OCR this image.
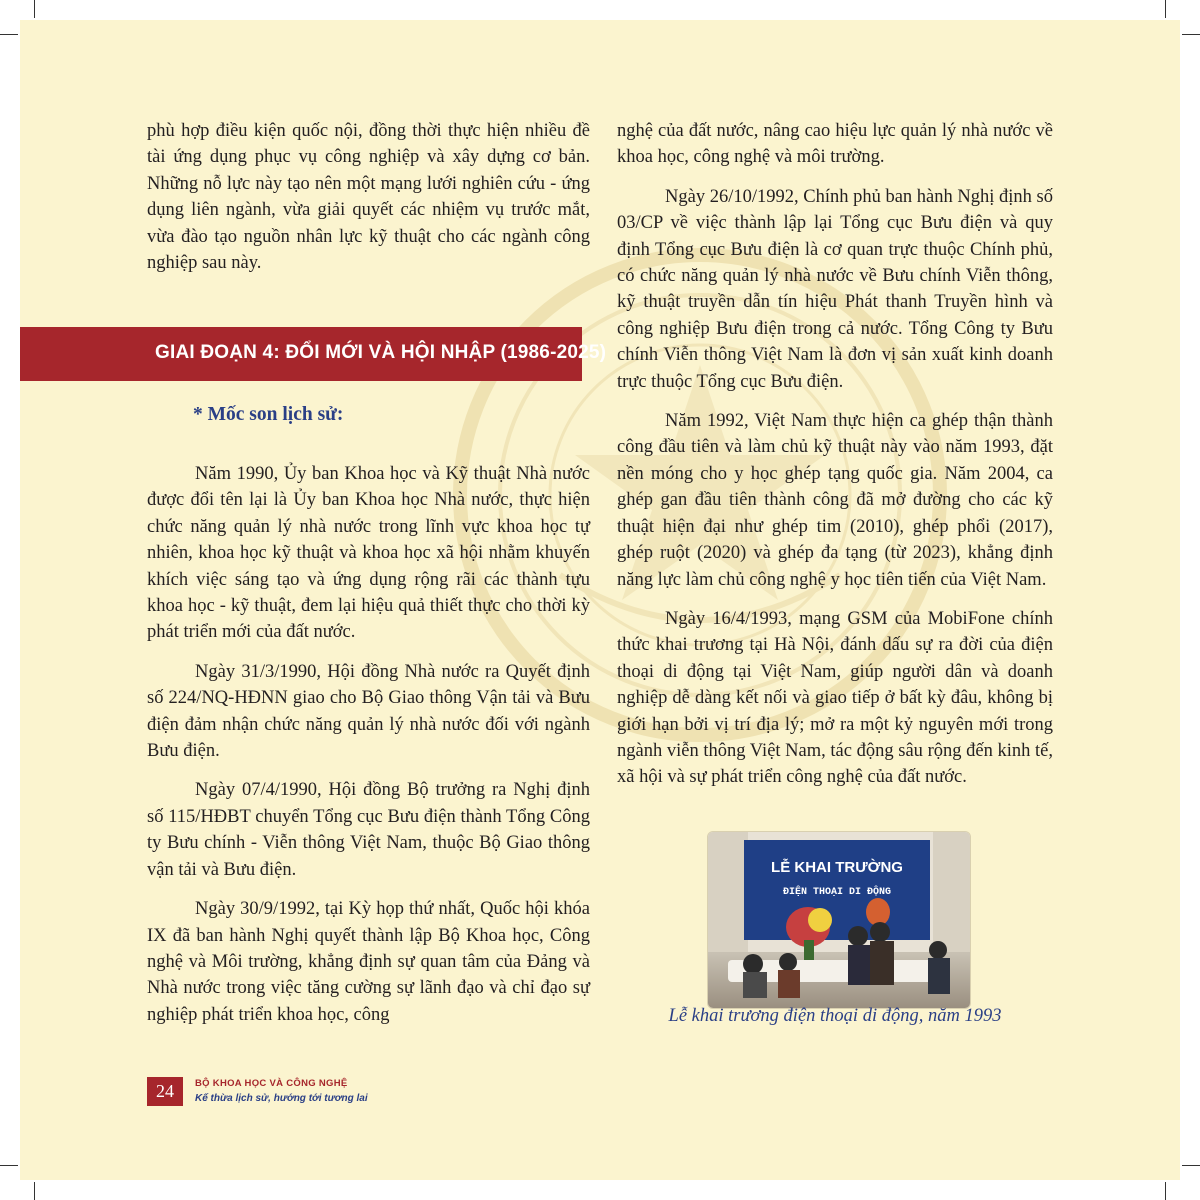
phù hợp điều kiện quốc nội, đồng thời thực hiện nhiều đề tài ứng dụng phục vụ công nghiệp và xây dựng cơ bản. Những nỗ lực này tạo nên một mạng lưới nghiên cứu - ứng dụng liên ngành, vừa giải quyết các nhiệm vụ trước mắt, vừa đào tạo nguồn nhân lực kỹ thuật cho các ngành công nghiệp sau này.

GIAI ĐOẠN 4: ĐỔI MỚI VÀ HỘI NHẬP (1986-2025)
* Mốc son lịch sử:

Năm 1990, Ủy ban Khoa học và Kỹ thuật Nhà nước được đổi tên lại là Ủy ban Khoa học Nhà nước, thực hiện chức năng quản lý nhà nước trong lĩnh vực khoa học tự nhiên, khoa học kỹ thuật và khoa học xã hội nhằm khuyến khích việc sáng tạo và ứng dụng rộng rãi các thành tựu khoa học - kỹ thuật, đem lại hiệu quả thiết thực cho thời kỳ phát triển mới của đất nước.

Ngày 31/3/1990, Hội đồng Nhà nước ra Quyết định số 224/NQ-HĐNN giao cho Bộ Giao thông Vận tải và Bưu điện đảm nhận chức năng quản lý nhà nước đối với ngành Bưu điện.

Ngày 07/4/1990, Hội đồng Bộ trưởng ra Nghị định số 115/HĐBT chuyển Tổng cục Bưu điện thành Tổng Công ty Bưu chính - Viễn thông Việt Nam, thuộc Bộ Giao thông vận tải và Bưu điện.

Ngày 30/9/1992, tại Kỳ họp thứ nhất, Quốc hội khóa IX đã ban hành Nghị quyết thành lập Bộ Khoa học, Công nghệ và Môi trường, khẳng định sự quan tâm của Đảng và Nhà nước trong việc tăng cường sự lãnh đạo và chỉ đạo sự nghiệp phát triển khoa học, công

nghệ của đất nước, nâng cao hiệu lực quản lý nhà nước về khoa học, công nghệ và môi trường.

Ngày 26/10/1992, Chính phủ ban hành Nghị định số 03/CP về việc thành lập lại Tổng cục Bưu điện và quy định Tổng cục Bưu điện là cơ quan trực thuộc Chính phủ, có chức năng quản lý nhà nước về Bưu chính Viễn thông, kỹ thuật truyền dẫn tín hiệu Phát thanh Truyền hình và công nghiệp Bưu điện trong cả nước. Tổng Công ty Bưu chính Viễn thông Việt Nam là đơn vị sản xuất kinh doanh trực thuộc Tổng cục Bưu điện.

Năm 1992, Việt Nam thực hiện ca ghép thận thành công đầu tiên và làm chủ kỹ thuật này vào năm 1993, đặt nền móng cho y học ghép tạng quốc gia. Năm 2004, ca ghép gan đầu tiên thành công đã mở đường cho các kỹ thuật hiện đại như ghép tim (2010), ghép phổi (2017), ghép ruột (2020) và ghép đa tạng (từ 2023), khẳng định năng lực làm chủ công nghệ y học tiên tiến của Việt Nam.

Ngày 16/4/1993, mạng GSM của MobiFone chính thức khai trương tại Hà Nội, đánh dấu sự ra đời của điện thoại di động tại Việt Nam, giúp người dân và doanh nghiệp dễ dàng kết nối và giao tiếp ở bất kỳ đâu, không bị giới hạn bởi vị trí địa lý; mở ra một kỷ nguyên mới trong ngành viễn thông Việt Nam, tác động sâu rộng đến kinh tế, xã hội và sự phát triển công nghệ của đất nước.

LỄ KHAI TRƯỜNG
ĐIỆN THOẠI DI ĐỘNG
Lễ khai trương điện thoại di động, năm 1993
24	BỘ KHOA HỌC VÀ CÔNG NGHỆ
Kế thừa lịch sử, hướng tới tương lai
